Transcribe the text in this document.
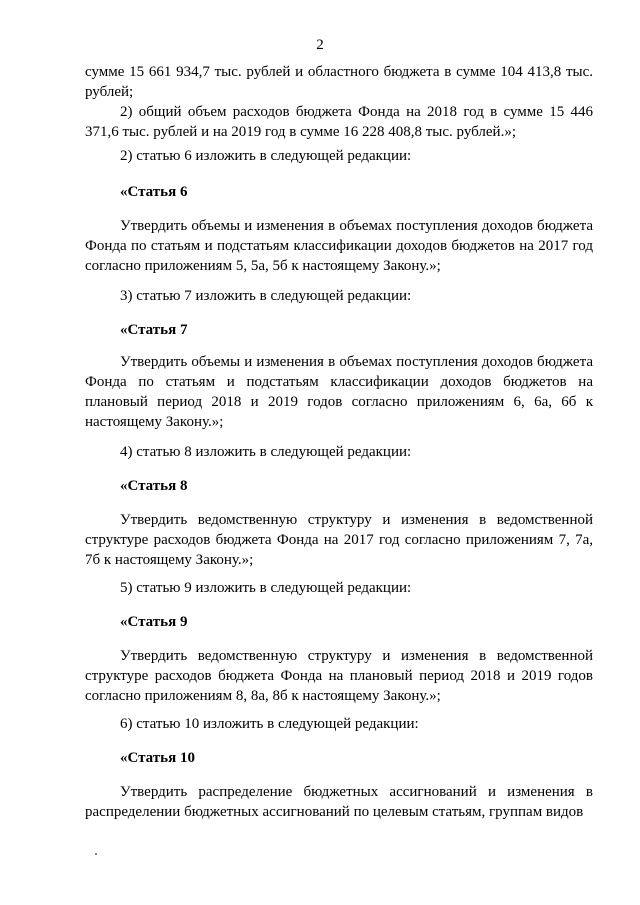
2

сумме 15 661 934,7 тыс. рублей и областного бюджета в сумме 104 413,8 тыс. рублей;

2) общий объем расходов бюджета Фонда на 2018 год в сумме 15 446 371,6 тыс. рублей и на 2019 год в сумме 16 228 408,8 тыс. рублей.»;

2) статью 6 изложить в следующей редакции:

«Статья 6

Утвердить объемы и изменения в объемах поступления доходов бюджета Фонда по статьям и подстатьям классификации доходов бюджетов на 2017 год согласно приложениям 5, 5а, 5б к настоящему Закону.»;

3) статью 7 изложить в следующей редакции:

«Статья 7

Утвердить объемы и изменения в объемах поступления доходов бюджета Фонда по статьям и подстатьям классификации доходов бюджетов на плановый период 2018 и 2019 годов согласно приложениям 6, 6а, 6б к настоящему Закону.»;

4) статью 8 изложить в следующей редакции:

«Статья 8

Утвердить ведомственную структуру и изменения в ведомственной структуре расходов бюджета Фонда на 2017 год согласно приложениям 7, 7а, 7б к настоящему Закону.»;

5) статью 9 изложить в следующей редакции:

«Статья 9

Утвердить ведомственную структуру и изменения в ведомственной структуре расходов бюджета Фонда на плановый период 2018 и 2019 годов согласно приложениям 8, 8а, 8б к настоящему Закону.»;

6) статью 10 изложить в следующей редакции:

«Статья 10

Утвердить распределение бюджетных ассигнований и изменения в распределении бюджетных ассигнований по целевым статьям, группам видов
